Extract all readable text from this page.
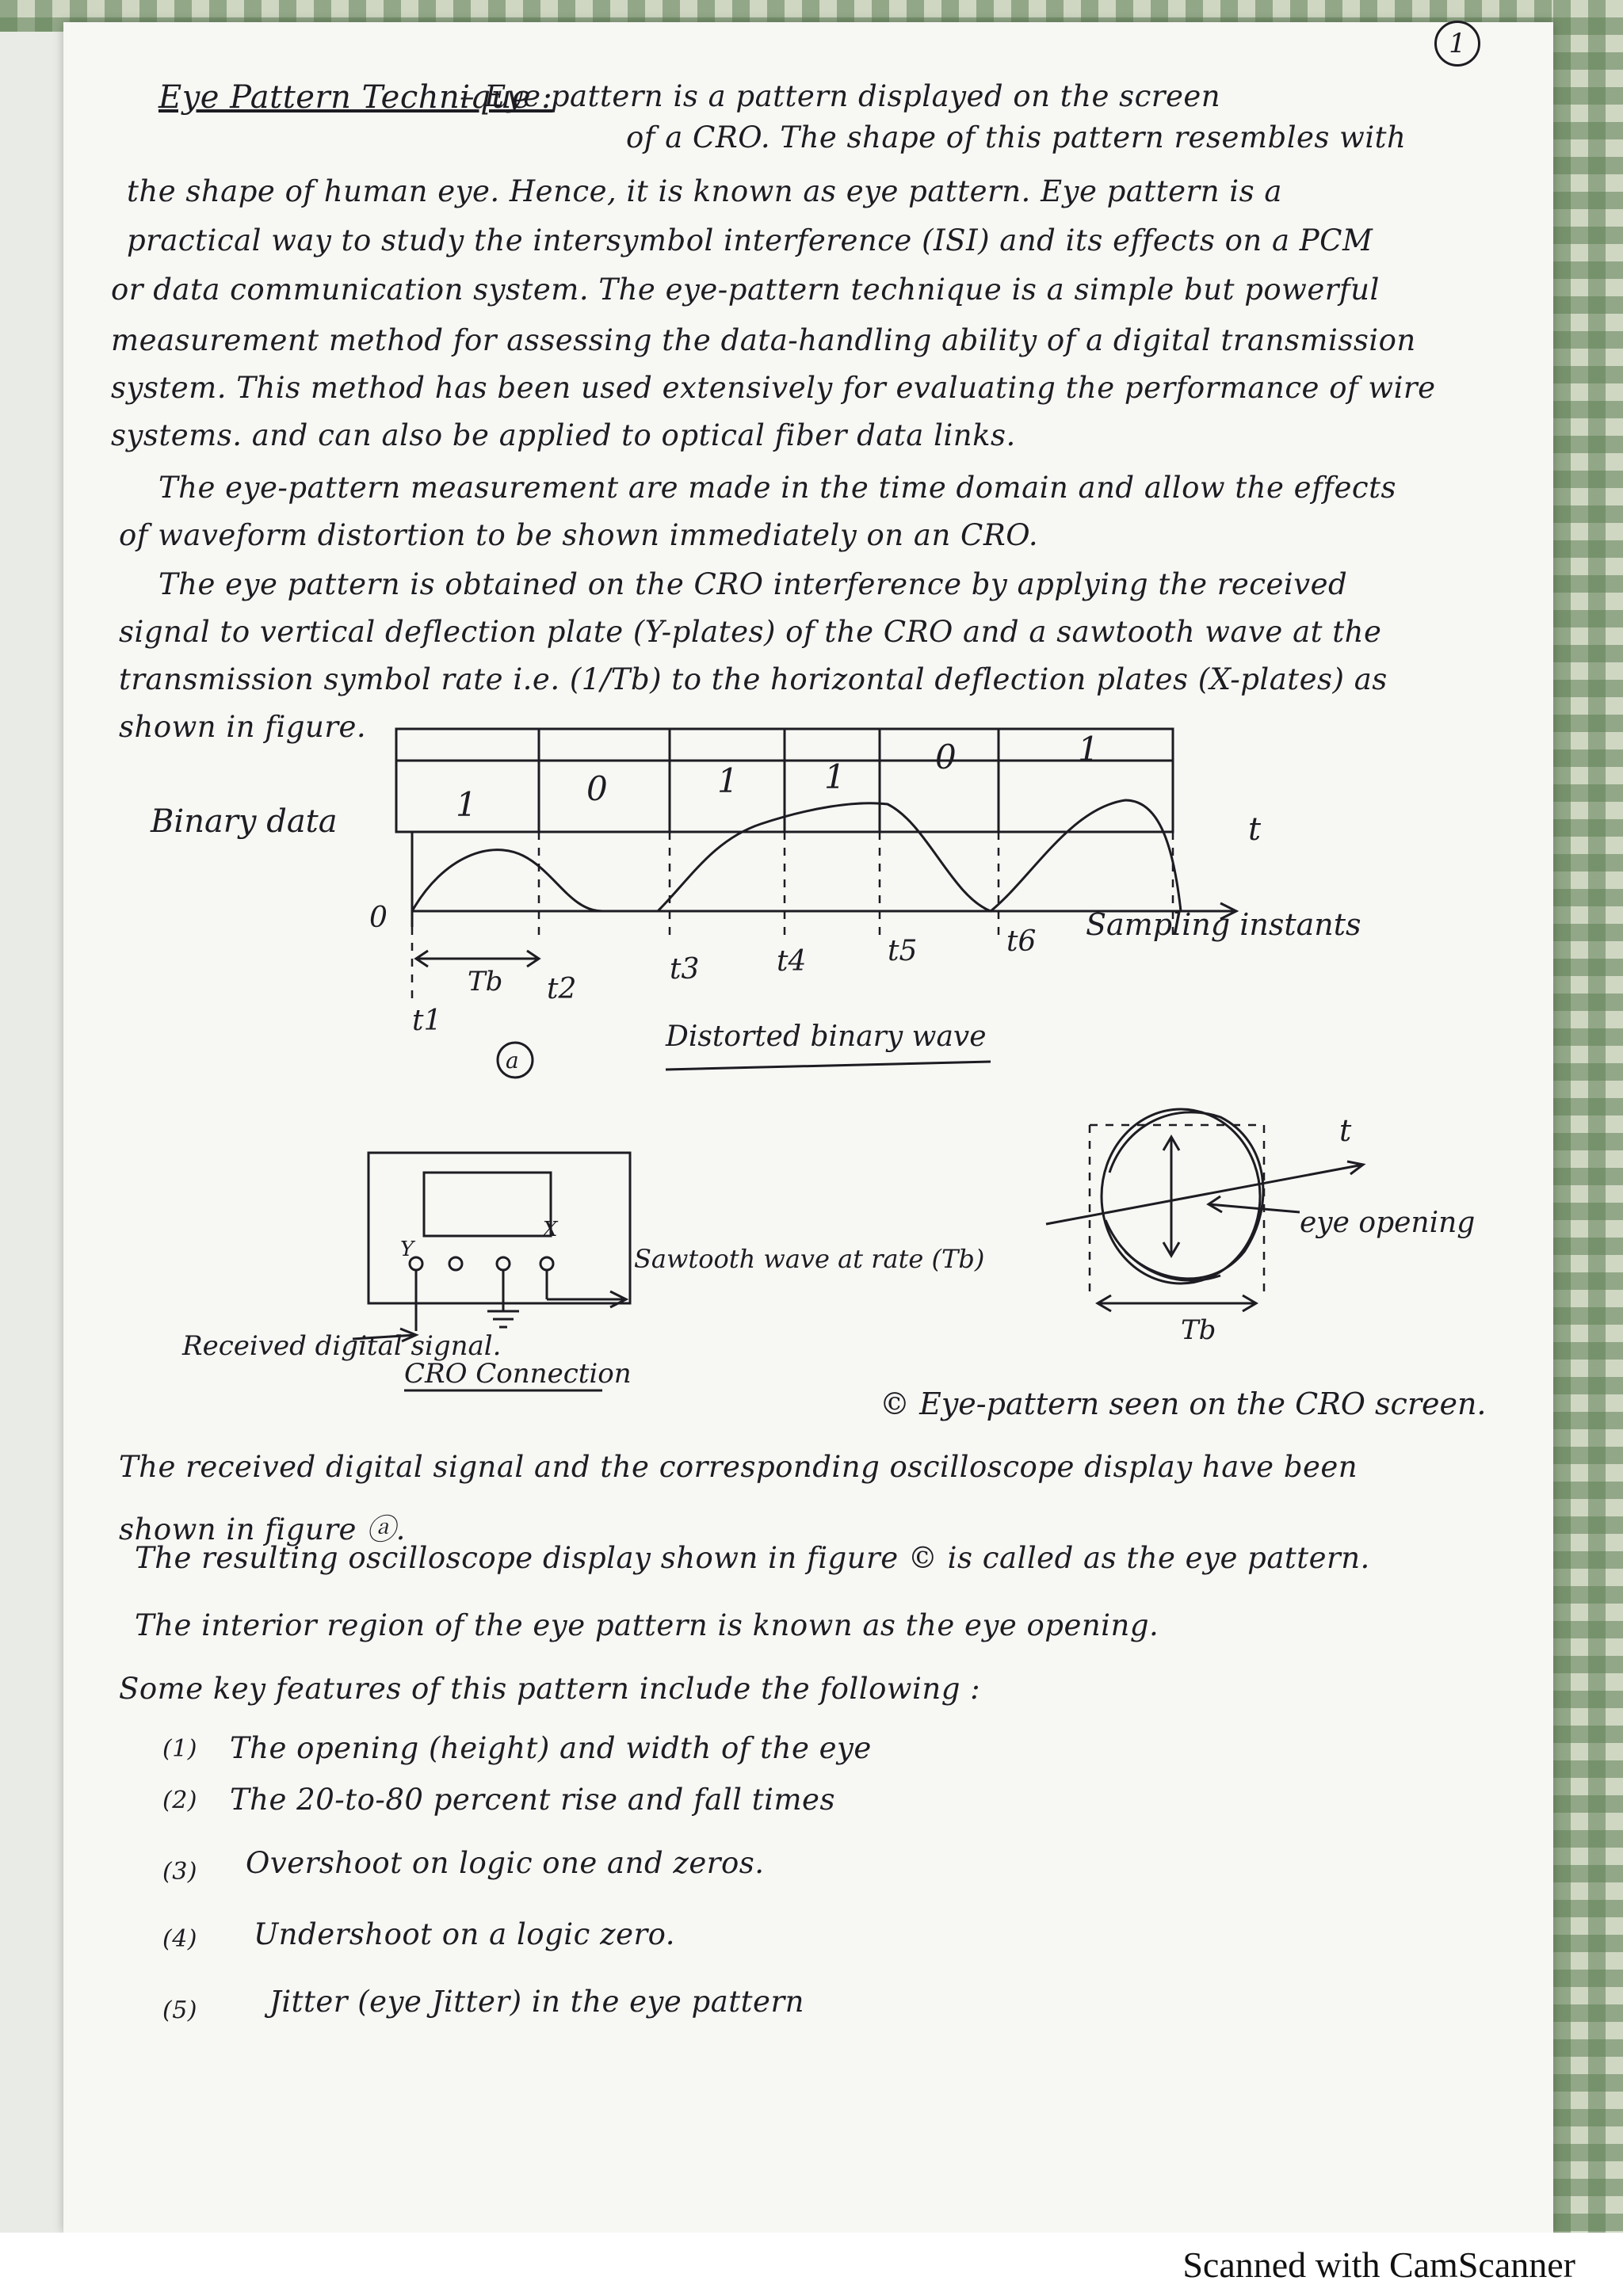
1
Eye Pattern Technique :
– Eye pattern is a pattern displayed on the screen
of a CRO. The shape of this pattern resembles with
the shape of human eye. Hence, it is known as eye pattern. Eye pattern is a
practical way to study the intersymbol interference (ISI) and its effects on a PCM
or data communication system. The eye-pattern technique is a simple but powerful
measurement method for assessing the data-handling ability of a digital transmission
system. This method has been used extensively for evaluating the performance of wire
systems. and can also be applied to optical fiber data links.
The eye-pattern measurement are made in the time domain and allow the effects
of waveform distortion to be shown immediately on an CRO.
The eye pattern is obtained on the CRO interference by applying the received
signal to vertical deflection plate (Y-plates) of the CRO and a sawtooth wave at the
transmission symbol rate i.e. (1/Tb) to the horizontal deflection plates (X-plates) as
shown in figure.
Binary data	1	0	1	1
0	1
0
t
Tb
t1
t2
t3	t4	t5	t6 Sampling instants
Distorted binary wave
a
Y
X
Sawtooth wave at rate (Tb)
Received digital signal.
CRO Connection
t
eye opening
Tb
© Eye-pattern seen on the CRO screen.
The received digital signal and the corresponding oscilloscope display have been
shown in figure ⓐ.
The resulting oscilloscope display shown in figure © is called as the eye pattern.
The interior region of the eye pattern is known as the eye opening.
Some key features of this pattern include the following :
(1) The opening (height) and width of the eye
(2) The 20-to-80 percent rise and fall times
(3) Overshoot on logic one and zeros.
(4) Undershoot on a logic zero.
(5) Jitter (eye Jitter) in the eye pattern
Scanned with CamScanner
